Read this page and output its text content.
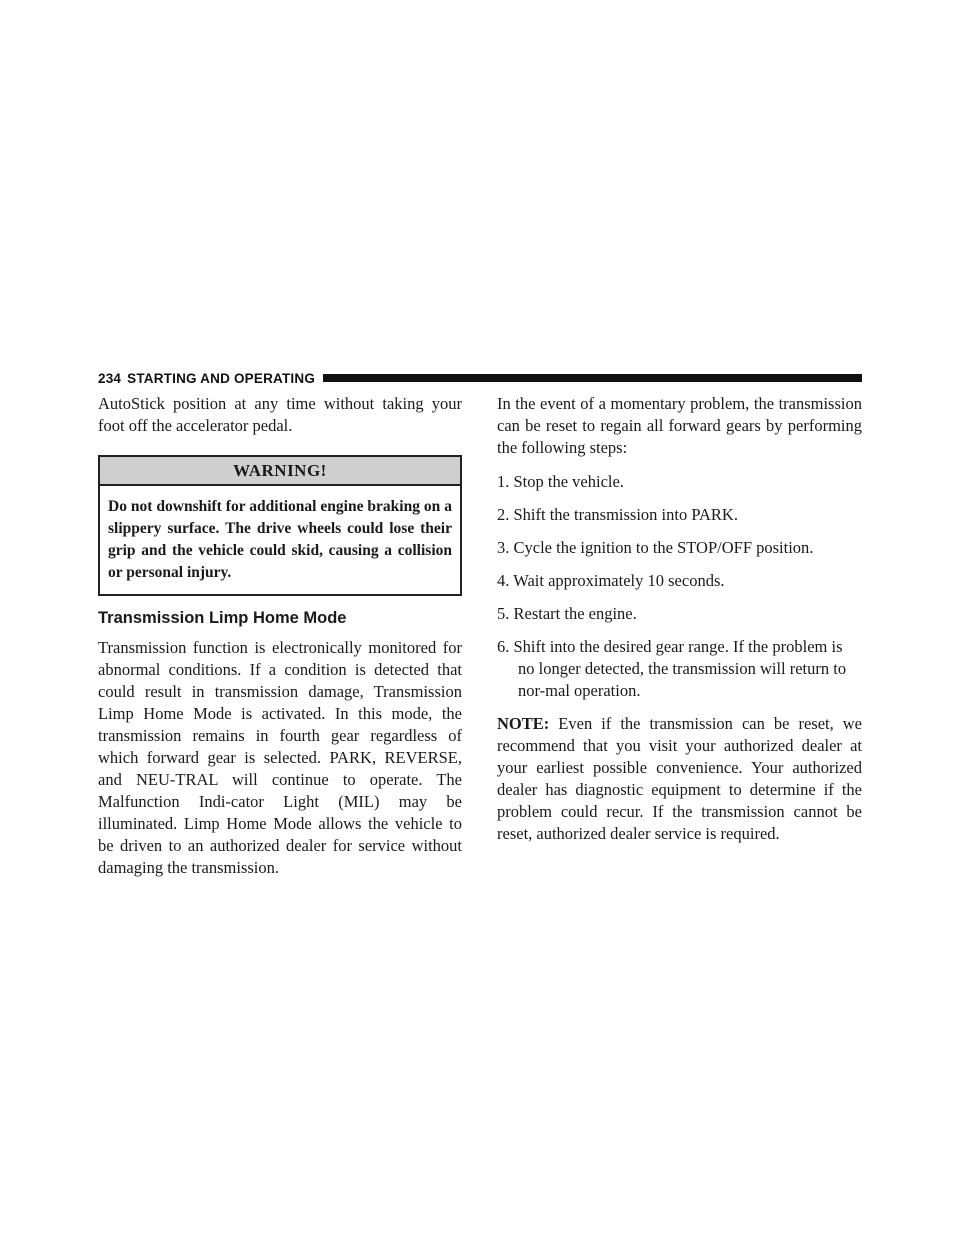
234 STARTING AND OPERATING

AutoStick position at any time without taking your foot off the accelerator pedal.

WARNING!
Do not downshift for additional engine braking on a slippery surface. The drive wheels could lose their grip and the vehicle could skid, causing a collision or personal injury.
Transmission Limp Home Mode

Transmission function is electronically monitored for abnormal conditions. If a condition is detected that could result in transmission damage, Transmission Limp Home Mode is activated. In this mode, the transmission remains in fourth gear regardless of which forward gear is selected. PARK, REVERSE, and NEU-TRAL will continue to operate. The Malfunction Indi-cator Light (MIL) may be illuminated. Limp Home Mode allows the vehicle to be driven to an authorized dealer for service without damaging the transmission.

In the event of a momentary problem, the transmission can be reset to regain all forward gears by performing the following steps:

1. Stop the vehicle.
2. Shift the transmission into PARK.
3. Cycle the ignition to the STOP/OFF position.
4. Wait approximately 10 seconds.
5. Restart the engine.
6. Shift into the desired gear range. If the problem is no longer detected, the transmission will return to nor-mal operation.

NOTE: Even if the transmission can be reset, we recommend that you visit your authorized dealer at your earliest possible convenience. Your authorized dealer has diagnostic equipment to determine if the problem could recur. If the transmission cannot be reset, authorized dealer service is required.
